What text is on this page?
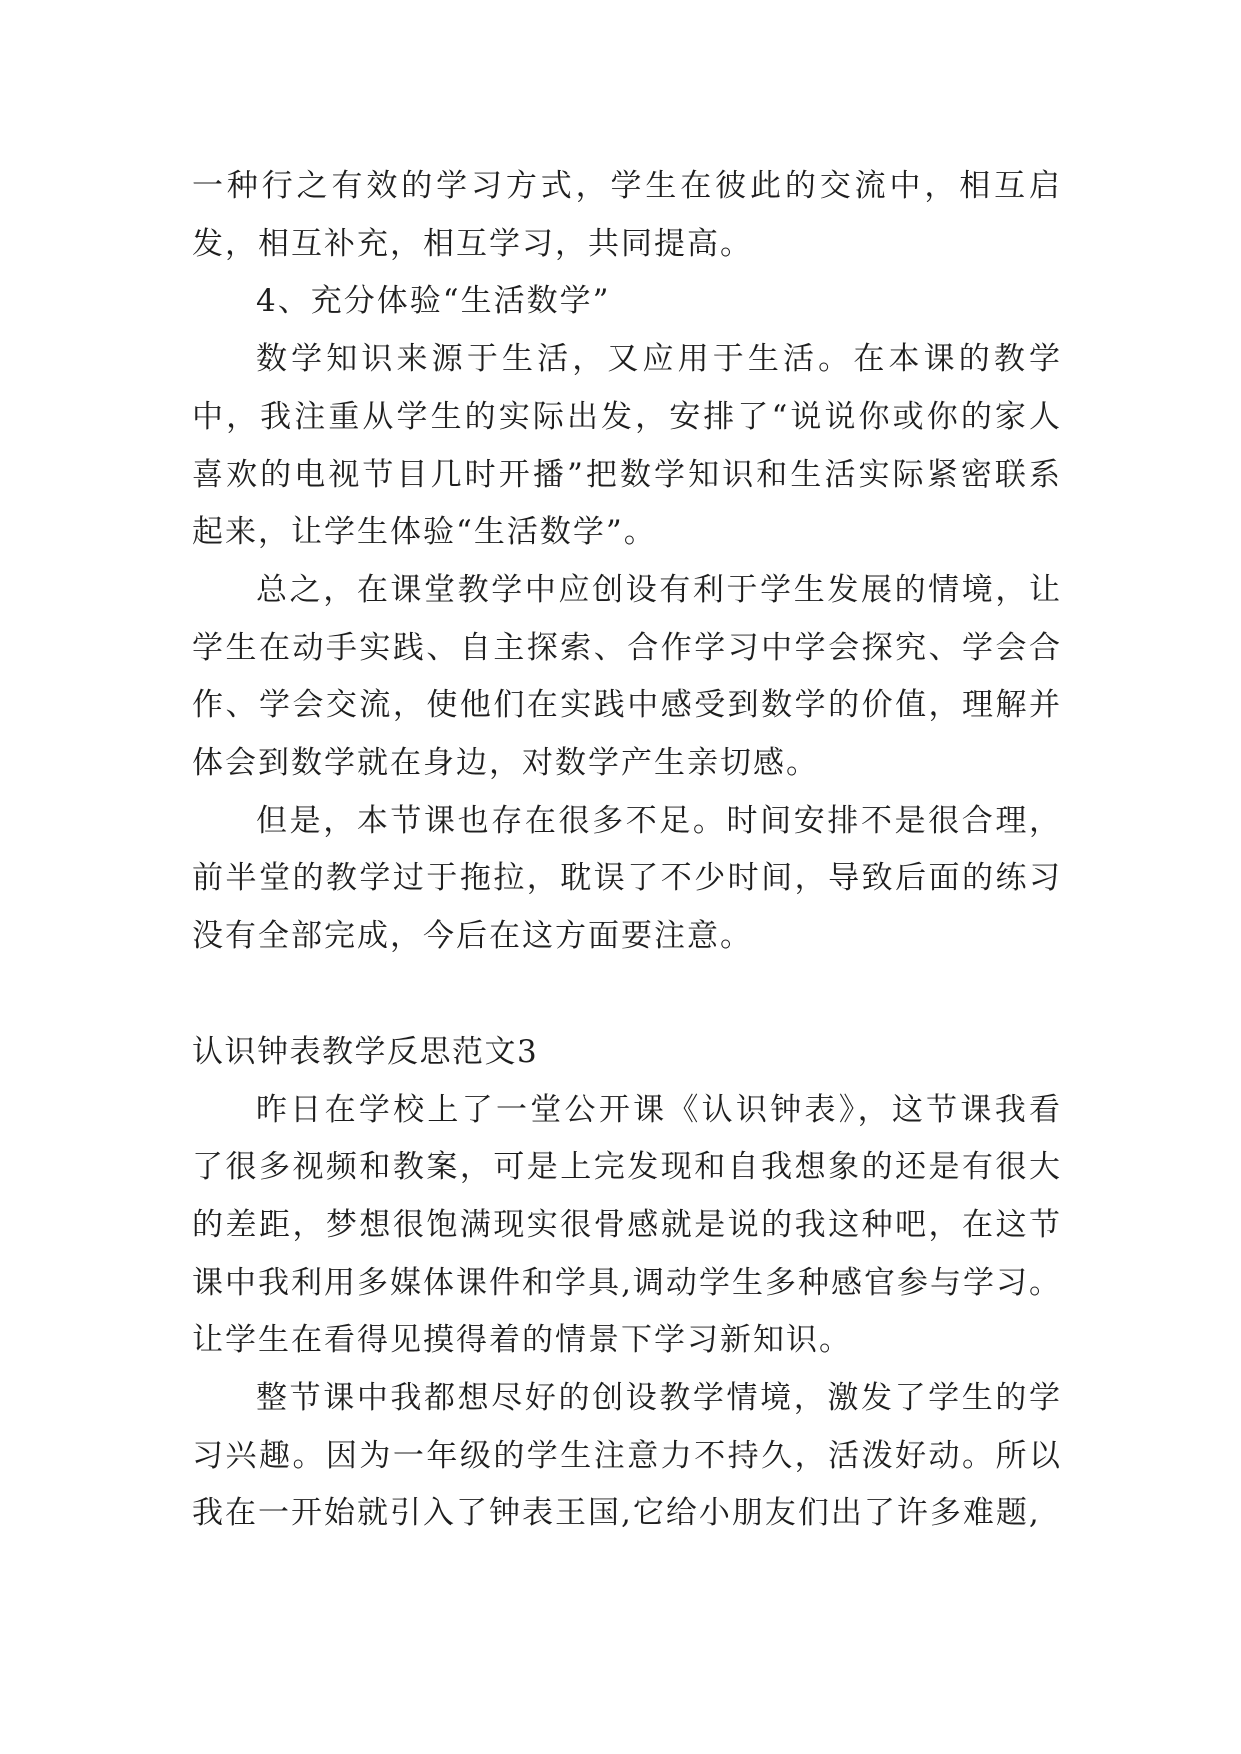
一种行之有效的学习方式，学生在彼此的交流中，相互启发，相互补充，相互学习，共同提高。

4、充分体验“生活数学”

数学知识来源于生活，又应用于生活。在本课的教学中，我注重从学生的实际出发，安排了“说说你或你的家人喜欢的电视节目几时开播”把数学知识和生活实际紧密联系起来，让学生体验“生活数学”。

总之，在课堂教学中应创设有利于学生发展的情境，让学生在动手实践、自主探索、合作学习中学会探究、学会合作、学会交流，使他们在实践中感受到数学的价值，理解并体会到数学就在身边，对数学产生亲切感。

但是，本节课也存在很多不足。时间安排不是很合理，前半堂的教学过于拖拉，耽误了不少时间，导致后面的练习没有全部完成，今后在这方面要注意。

认识钟表教学反思范文3

昨日在学校上了一堂公开课《认识钟表》，这节课我看了很多视频和教案，可是上完发现和自我想象的还是有很大的差距，梦想很饱满现实很骨感就是说的我这种吧，在这节课中我利用多媒体课件和学具,调动学生多种感官参与学习。让学生在看得见摸得着的情景下学习新知识。

整节课中我都想尽好的创设教学情境，激发了学生的学习兴趣。因为一年级的学生注意力不持久，活泼好动。所以我在一开始就引入了钟表王国,它给小朋友们出了许多难题,
